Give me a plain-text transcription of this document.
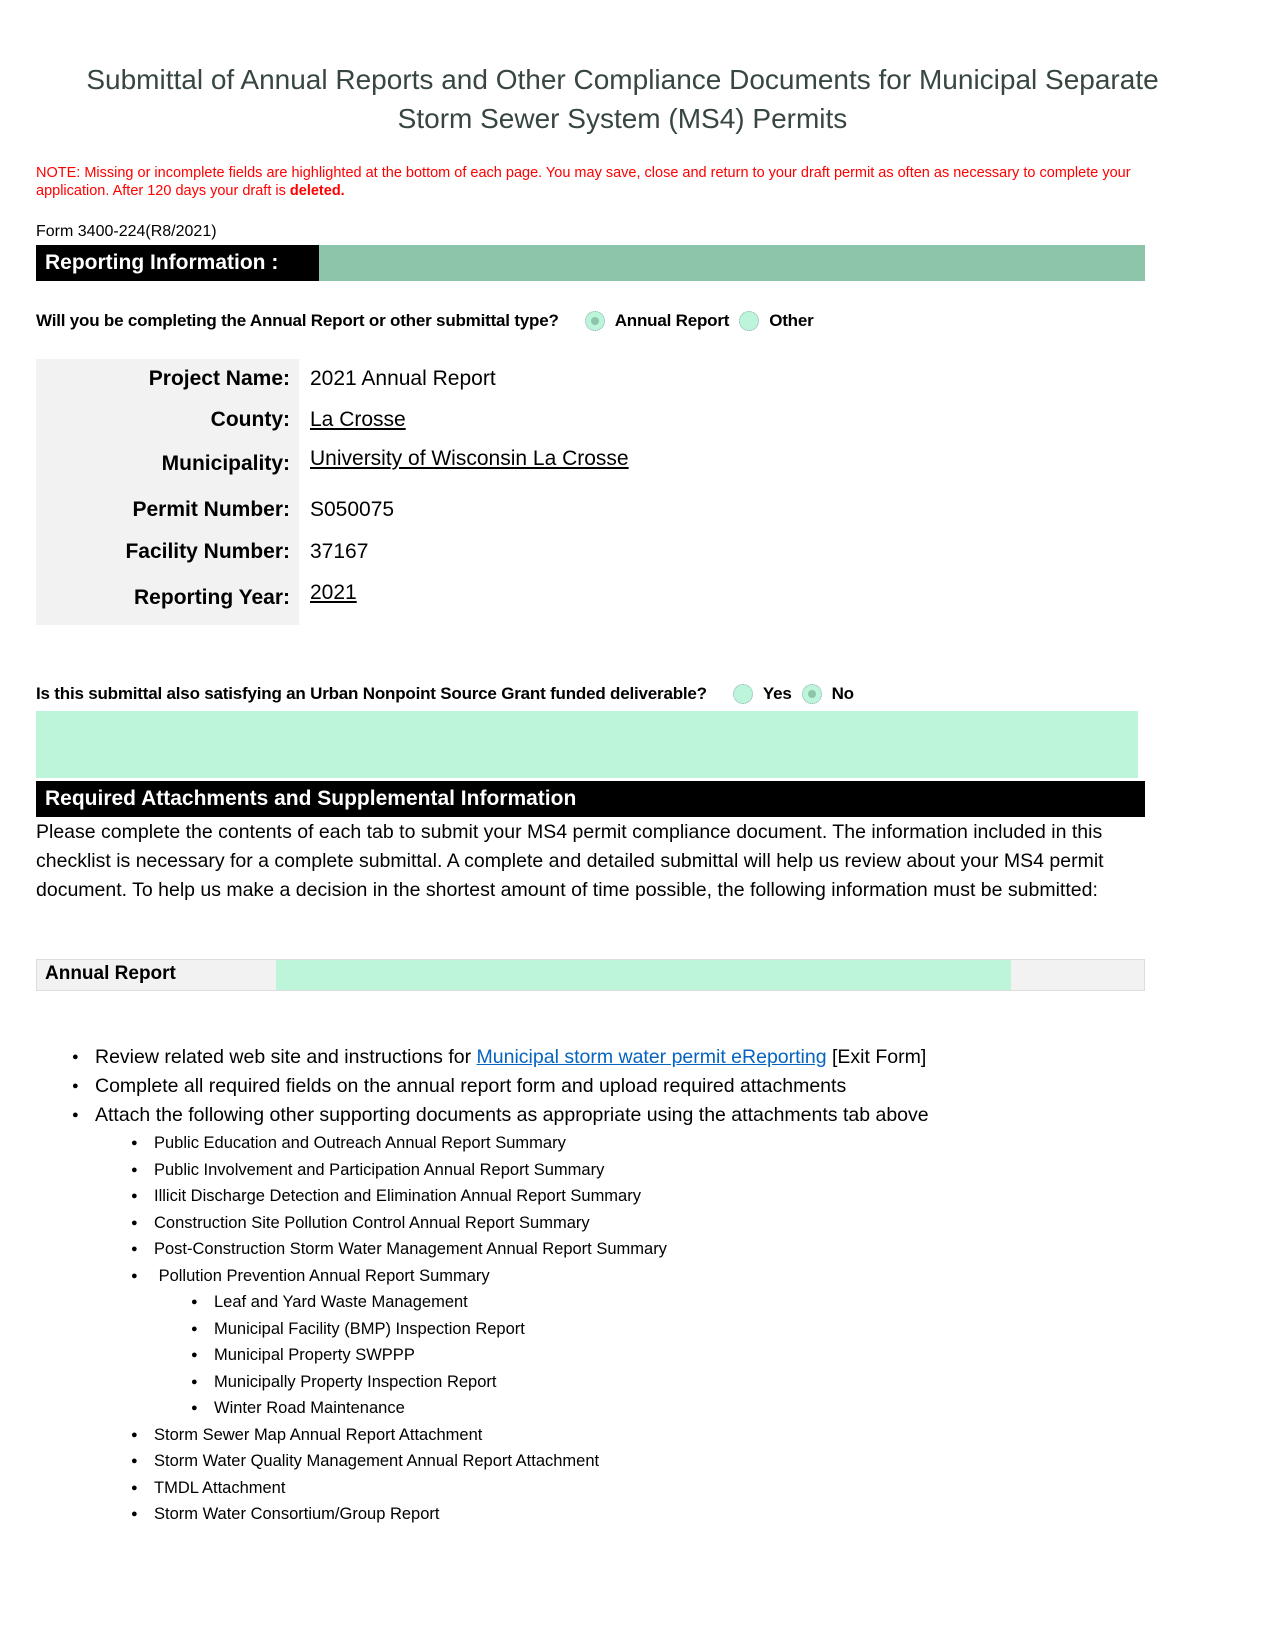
Submittal of Annual Reports and Other Compliance Documents for Municipal Separate Storm Sewer System (MS4) Permits
NOTE: Missing or incomplete fields are highlighted at the bottom of each page. You may save, close and return to your draft permit as often as necessary to complete your application. After 120 days your draft is deleted.
Form 3400-224(R8/2021)
Reporting Information :
Will you be completing the Annual Report or other submittal type?	Annual Report Other
Project Name: 2021 Annual Report
County: La Crosse
Municipality: University of Wisconsin La Crosse
Permit Number: S050075
Facility Number: 37167
Reporting Year: 2021
Is this submittal also satisfying an Urban Nonpoint Source Grant funded deliverable?	Yes No
Required Attachments and Supplemental Information
Please complete the contents of each tab to submit your MS4 permit compliance document. The information included in this checklist is necessary for a complete submittal. A complete and detailed submittal will help us review about your MS4 permit document. To help us make a decision in the shortest amount of time possible, the following information must be submitted:
Annual Report
● Review related web site and instructions for Municipal storm water permit eReporting [Exit Form]
● Complete all required fields on the annual report form and upload required attachments
● Attach the following other supporting documents as appropriate using the attachments tab above
● Public Education and Outreach Annual Report Summary
● Public Involvement and Participation Annual Report Summary
● Illicit Discharge Detection and Elimination Annual Report Summary
● Construction Site Pollution Control Annual Report Summary
● Post-Construction Storm Water Management Annual Report Summary
●  Pollution Prevention Annual Report Summary
● Leaf and Yard Waste Management
● Municipal Facility (BMP) Inspection Report
● Municipal Property SWPPP
● Municipally Property Inspection Report
● Winter Road Maintenance
● Storm Sewer Map Annual Report Attachment
● Storm Water Quality Management Annual Report Attachment
● TMDL Attachment
● Storm Water Consortium/Group Report
